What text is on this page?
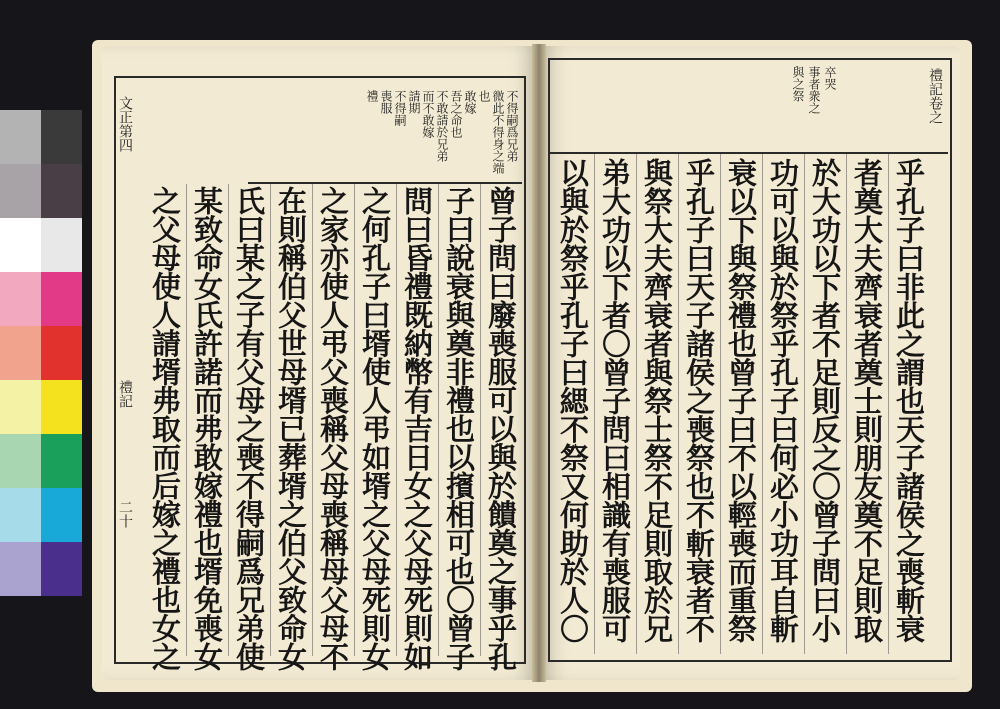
文正第四
禮記
二十
不得嗣爲兄弟
微此不得身之端
也
敢嫁
吾之命也
不敢請於兄弟
而不敢嫁
請期
不得嗣
喪服
禮	禮記卷之
卒哭
事者衆之
與之祭
曾子問曰廢喪服可以與於饋奠之事乎孔
子曰說衰與奠非禮也以擯相可也〇曾子
問曰昏禮既納幣有吉日女之父母死則如
之何孔子曰壻使人弔如壻之父母死則女
之家亦使人弔父喪稱父母喪稱母父母不
在則稱伯父世母壻已葬壻之伯父致命女
氏曰某之子有父母之喪不得嗣爲兄弟使
某致命女氏許諾而弗敢嫁禮也壻免喪女
之父母使人請壻弗取而后嫁之禮也女之	乎孔子曰非此之謂也天子諸侯之喪斬衰
者奠大夫齊衰者奠士則朋友奠不足則取
於大功以下者不足則反之〇曾子問曰小
功可以與於祭乎孔子曰何必小功耳自斬
衰以下與祭禮也曾子曰不以輕喪而重祭
乎孔子曰天子諸侯之喪祭也不斬衰者不
與祭大夫齊衰者與祭士祭不足則取於兄
弟大功以下者〇曾子問曰相識有喪服可
以與於祭乎孔子曰緦不祭又何助於人〇
